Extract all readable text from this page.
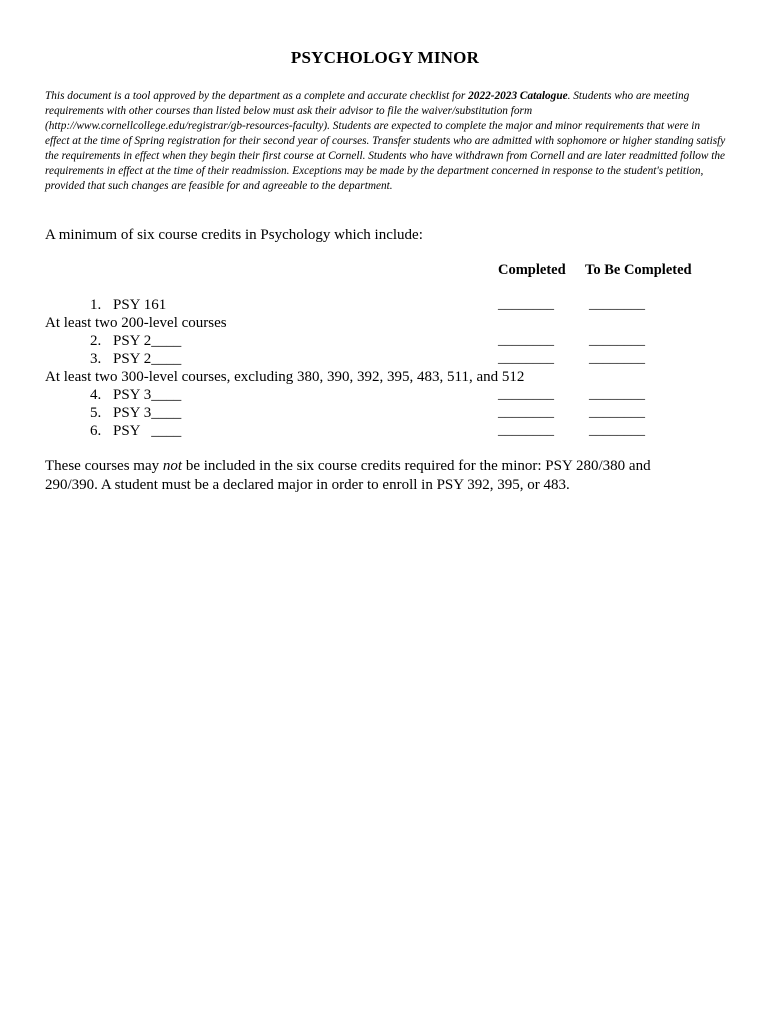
PSYCHOLOGY MINOR
This document is a tool approved by the department as a complete and accurate checklist for 2022-2023 Catalogue. Students who are meeting requirements with other courses than listed below must ask their advisor to file the waiver/substitution form (http://www.cornellcollege.edu/registrar/gb-resources-faculty). Students are expected to complete the major and minor requirements that were in effect at the time of Spring registration for their second year of courses. Transfer students who are admitted with sophomore or higher standing satisfy the requirements in effect when they begin their first course at Cornell. Students who have withdrawn from Cornell and are later readmitted follow the requirements in effect at the time of their readmission. Exceptions may be made by the department concerned in response to the student's petition, provided that such changes are feasible for and agreeable to the department.
A minimum of six course credits in Psychology which include:
Completed To Be Completed
1. PSY 161	________	________
At least two 200-level courses
2. PSY 2____	________	________
3. PSY 2____	________	________
At least two 300-level courses, excluding 380, 390, 392, 395, 483, 511, and 512
4. PSY 3____	________	________
5. PSY 3____	________	________
6. PSY   ____	________	________
These courses may not be included in the six course credits required for the minor: PSY 280/380 and 290/390. A student must be a declared major in order to enroll in PSY 392, 395, or 483.
